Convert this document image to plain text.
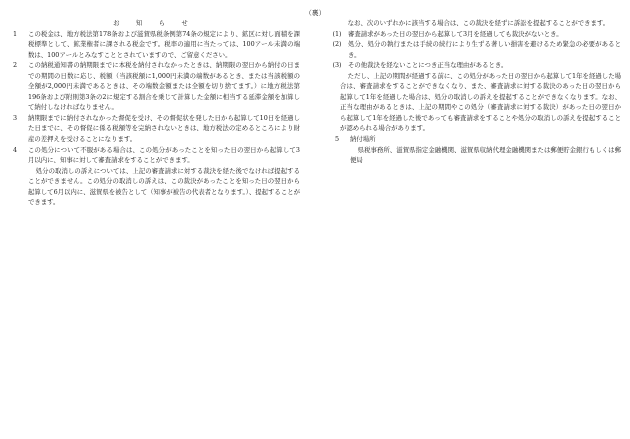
（裏）
お　知　ら　せ
1	この税金は、地方税法第178条および滋賀県税条例第74条の規定により、鉱区に対し面積を課税標準として、鉱業権者に課される税金です。税率の適用に当たっては、100アール未満の端数は、100アールとみなすこととされていますので、ご留意ください。
2	この納税通知書の納期限までに本税を納付されなかったときは、納期限の翌日から納付の日までの期間の日数に応じ、税額（当該税額に1,000円未満の端数があるとき、または当該税額の全額が2,000円未満であるときは、その端数金額または全額を切り捨てます。）に地方税法第196条および附則第3条の2に規定する割合を乗じて計算した金額に相当する延滞金額を加算して納付しなければなりません。
3	納期限までに納付されなかった督促を受け、その督促状を発した日から起算して10日を経過した日までに、その督促に係る税額等を完納されないときは、地方税法の定めるところにより財産の差押えを受けることになります。
4	この処分について不服がある場合は、この処分があったことを知った日の翌日から起算して3月以内に、知事に対して審査請求をすることができます。
処分の取消しの訴えについては、上記の審査請求に対する裁決を経た後でなければ提起することができません。この処分の取消しの訴えは、この裁決があったことを知った日の翌日から起算して6月以内に、滋賀県を被告として（知事が被告の代表者となります。）、提起することができます。
なお、次のいずれかに該当する場合は、この裁決を経ずに訴訟を提起することができます。
(1)	審査請求があった日の翌日から起算して3月を経過しても裁決がないとき。
(2)	処分、処分の執行または手続の続行により生ずる著しい損害を避けるため緊急の必要があるとき。
(3)	その他裁決を経ないことにつき正当な理由があるとき。
ただし、上記の期間が経過する前に、この処分があった日の翌日から起算して1年を経過した場合は、審査請求をすることができなくなり、また、審査請求に対する裁決のあった日の翌日から起算して1年を経過した場合は、処分の取消しの訴えを提起することができなくなります。なお、正当な理由があるときは、上記の期間やこの処分（審査請求に対する裁決）があった日の翌日から起算して1年を経過した後であっても審査請求をすることや処分の取消しの訴えを提起することが認められる場合があります。
5	納付場所
県税事務所、滋賀県指定金融機関、滋賀県収納代理金融機関または郵便貯金銀行もしくは郵便局
